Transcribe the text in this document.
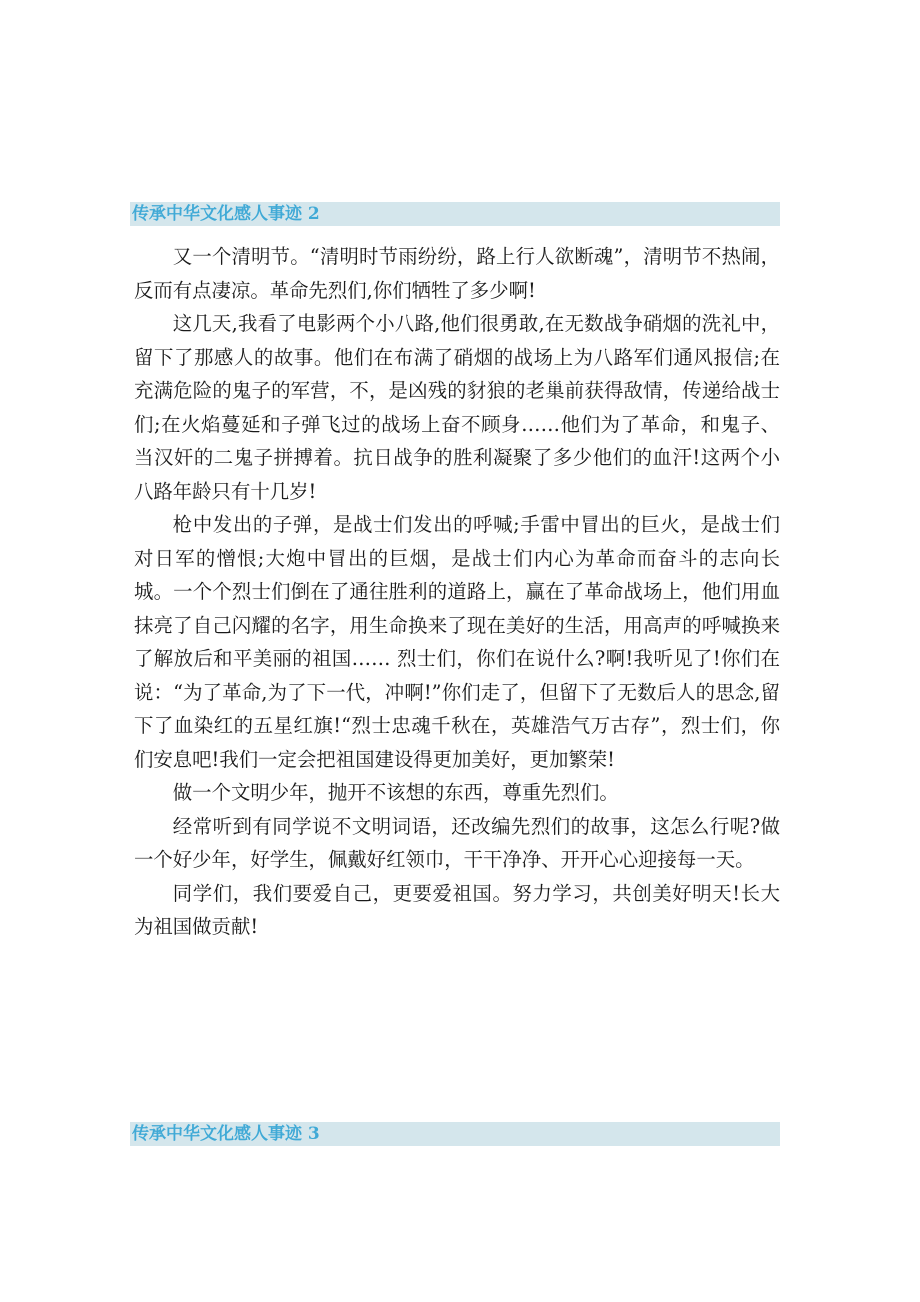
传承中华文化感人事迹 2

又一个清明节。“清明时节雨纷纷，路上行人欲断魂”，清明节不热闹，反而有点凄凉。革命先烈们,你们牺牲了多少啊!

这几天,我看了电影两个小八路,他们很勇敢,在无数战争硝烟的洗礼中，留下了那感人的故事。他们在布满了硝烟的战场上为八路军们通风报信;在充满危险的鬼子的军营，不，是凶残的豺狼的老巢前获得敌情，传递给战士们;在火焰蔓延和子弹飞过的战场上奋不顾身……他们为了革命，和鬼子、当汉奸的二鬼子拼搏着。抗日战争的胜利凝聚了多少他们的血汗!这两个小八路年龄只有十几岁!

枪中发出的子弹，是战士们发出的呼喊;手雷中冒出的巨火，是战士们对日军的憎恨;大炮中冒出的巨烟，是战士们内心为革命而奋斗的志向长城。一个个烈士们倒在了通往胜利的道路上，赢在了革命战场上，他们用血抹亮了自己闪耀的名字，用生命换来了现在美好的生活，用高声的呼喊换来了解放后和平美丽的祖国…… 烈士们，你们在说什么?啊!我听见了!你们在说：“为了革命,为了下一代，冲啊!”你们走了，但留下了无数后人的思念,留下了血染红的五星红旗!“烈士忠魂千秋在，英雄浩气万古存”，烈士们，你们安息吧!我们一定会把祖国建设得更加美好，更加繁荣!

做一个文明少年，抛开不该想的东西，尊重先烈们。

经常听到有同学说不文明词语，还改编先烈们的故事，这怎么行呢?做一个好少年，好学生，佩戴好红领巾，干干净净、开开心心迎接每一天。

同学们，我们要爱自己，更要爱祖国。努力学习，共创美好明天!长大为祖国做贡献!

传承中华文化感人事迹 3
